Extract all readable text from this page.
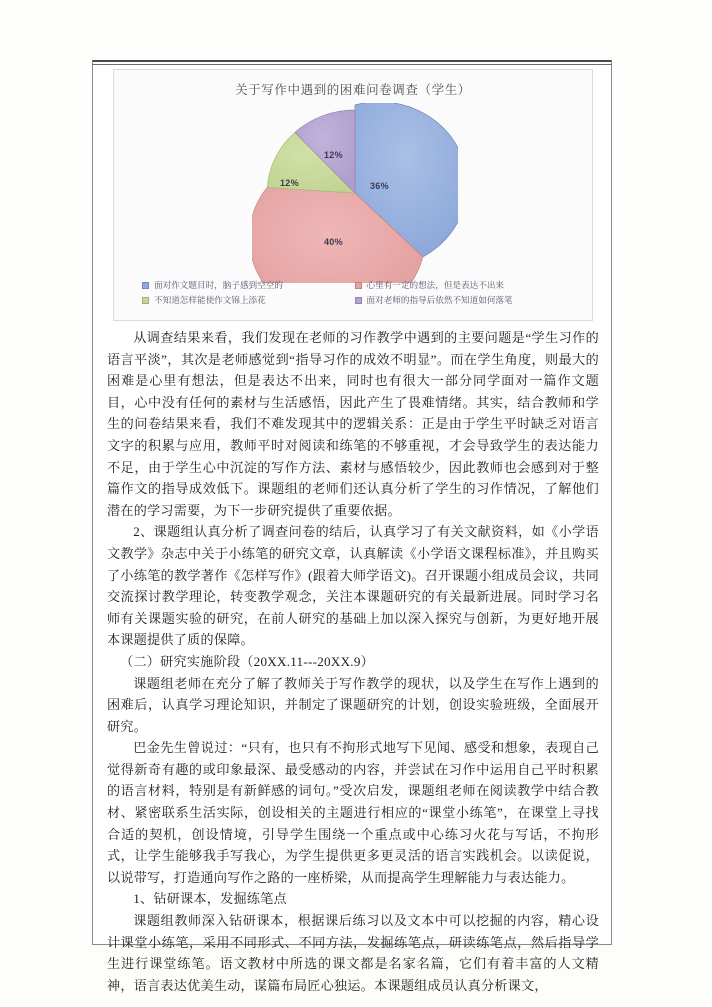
关于写作中遇到的困难问卷调查（学生）
36%
40%
12%
12%
面对作文题目时，脑子感到空空的	心里有一定的想法，但是表达不出来
不知道怎样能使作文锦上添花	面对老师的指导后依然不知道如何落笔

从调查结果来看，我们发现在老师的习作教学中遇到的主要问题是“学生习作的语言平淡”，其次是老师感觉到“指导习作的成效不明显”。而在学生角度，则最大的困难是心里有想法，但是表达不出来，同时也有很大一部分同学面对一篇作文题目，心中没有任何的素材与生活感悟，因此产生了畏难情绪。其实，结合教师和学生的问卷结果来看，我们不难发现其中的逻辑关系：正是由于学生平时缺乏对语言文字的积累与应用，教师平时对阅读和练笔的不够重视，才会导致学生的表达能力不足，由于学生心中沉淀的写作方法、素材与感悟较少，因此教师也会感到对于整篇作文的指导成效低下。课题组的老师们还认真分析了学生的习作情况，了解他们潜在的学习需要，为下一步研究提供了重要依据。

2、课题组认真分析了调查问卷的结后，认真学习了有关文献资料，如《小学语文教学》杂志中关于小练笔的研究文章，认真解读《小学语文课程标准》，并且购买了小练笔的教学著作《怎样写作》(跟着大师学语文)。召开课题小组成员会议，共同交流探讨教学理论，转变教学观念，关注本课题研究的有关最新进展。同时学习名师有关课题实验的研究，在前人研究的基础上加以深入探究与创新，为更好地开展本课题提供了质的保障。

（二）研究实施阶段（20XX.11---20XX.9）

课题组老师在充分了解了教师关于写作教学的现状，以及学生在写作上遇到的困难后，认真学习理论知识，并制定了课题研究的计划，创设实验班级，全面展开研究。

巴金先生曾说过：“只有，也只有不拘形式地写下见闻、感受和想象，表现自己觉得新奇有趣的或印象最深、最受感动的内容，并尝试在习作中运用自己平时积累的语言材料，特别是有新鲜感的词句。”受次启发，课题组老师在阅读教学中结合教材、紧密联系生活实际，创设相关的主题进行相应的“课堂小练笔”，在课堂上寻找合适的契机，创设情境，引导学生围绕一个重点或中心练习火花与写话，不拘形式，让学生能够我手写我心，为学生提供更多更灵活的语言实践机会。以读促说，以说带写，打造通向写作之路的一座桥梁，从而提高学生理解能力与表达能力。

1、钻研课本，发掘练笔点

课题组教师深入钻研课本，根据课后练习以及文本中可以挖掘的内容，精心设计课堂小练笔，采用不同形式、不同方法，发掘练笔点，研读练笔点，然后指导学生进行课堂练笔。语文教材中所选的课文都是名家名篇，它们有着丰富的人文精神，语言表达优美生动，谋篇布局匠心独运。本课题组成员认真分析课文，
